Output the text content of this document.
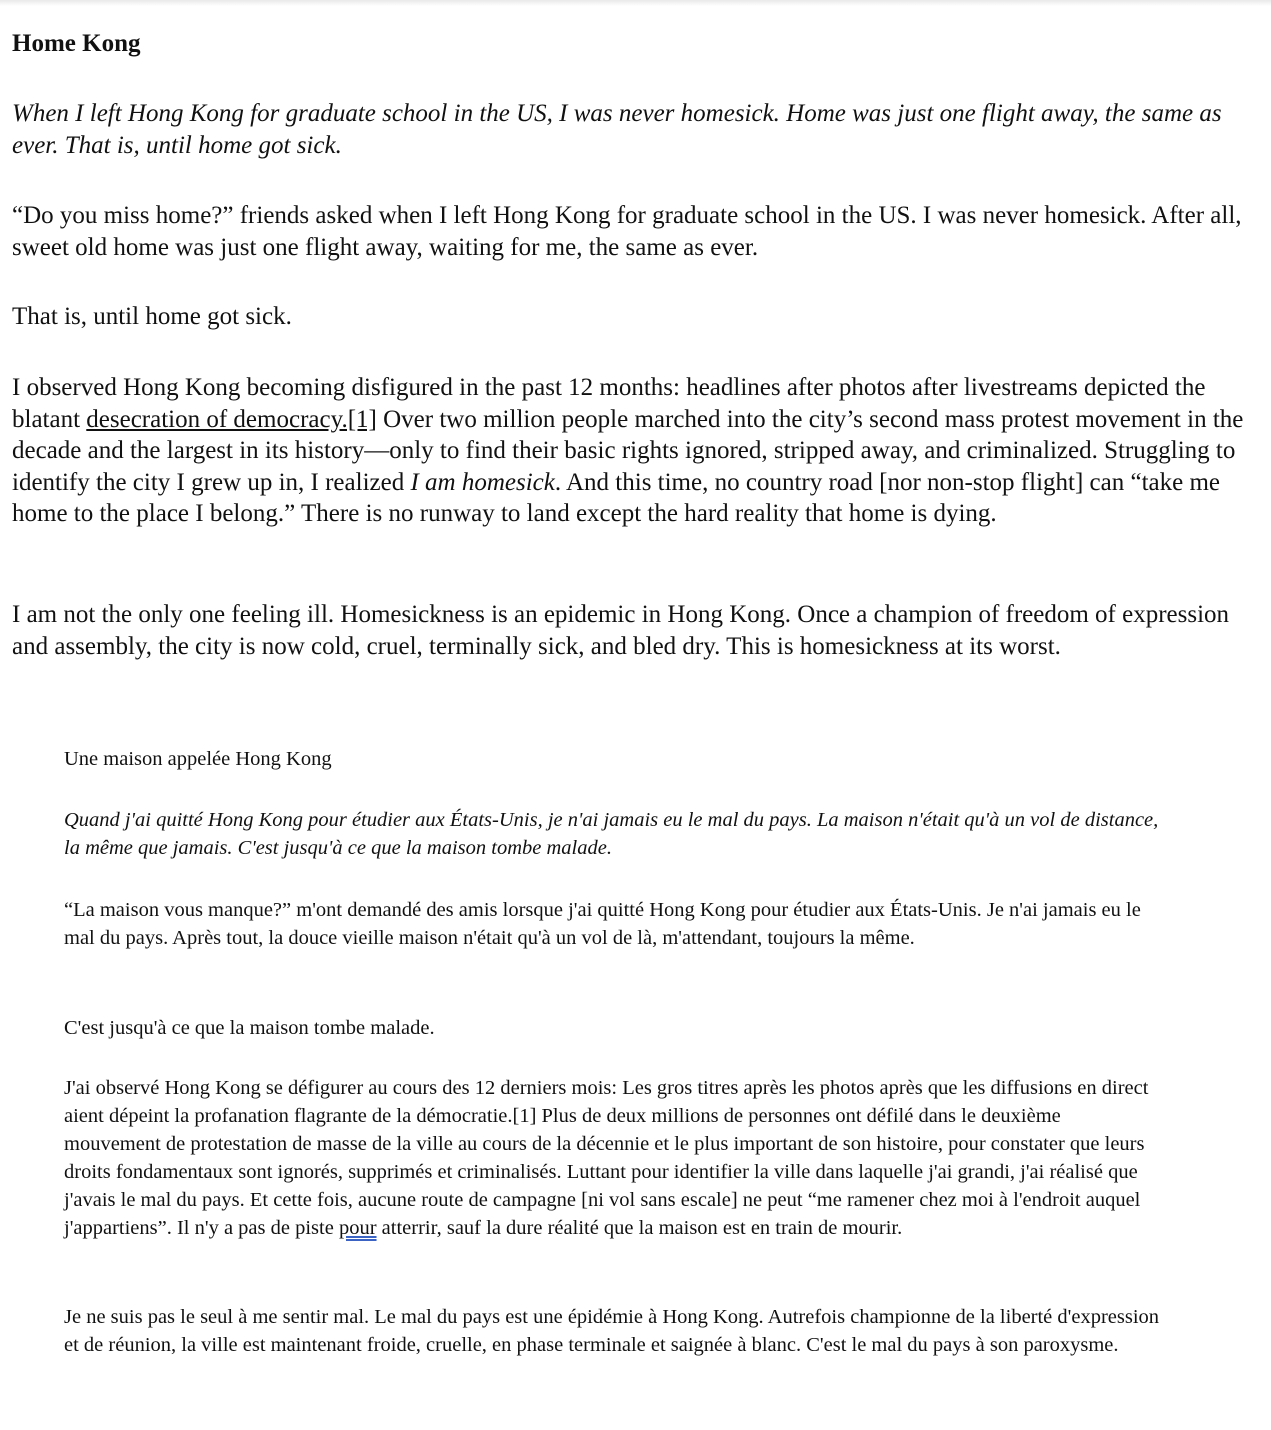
Home Kong

When I left Hong Kong for graduate school in the US, I was never homesick. Home was just one flight away, the same as ever. That is, until home got sick.

“Do you miss home?” friends asked when I left Hong Kong for graduate school in the US. I was never homesick. After all, sweet old home was just one flight away, waiting for me, the same as ever.

That is, until home got sick.

I observed Hong Kong becoming disfigured in the past 12 months: headlines after photos after livestreams depicted the blatant desecration of democracy.[1] Over two million people marched into the city’s second mass protest movement in the decade and the largest in its history—only to find their basic rights ignored, stripped away, and criminalized. Struggling to identify the city I grew up in, I realized I am homesick. And this time, no country road [nor non-stop flight] can “take me home to the place I belong.” There is no runway to land except the hard reality that home is dying.

I am not the only one feeling ill. Homesickness is an epidemic in Hong Kong. Once a champion of freedom of expression and assembly, the city is now cold, cruel, terminally sick, and bled dry. This is homesickness at its worst.

Une maison appelée Hong Kong

Quand j'ai quitté Hong Kong pour étudier aux États-Unis, je n'ai jamais eu le mal du pays. La maison n'était qu'à un vol de distance, la même que jamais. C'est jusqu'à ce que la maison tombe malade.

“La maison vous manque?” m'ont demandé des amis lorsque j'ai quitté Hong Kong pour étudier aux États-Unis. Je n'ai jamais eu le mal du pays. Après tout, la douce vieille maison n'était qu'à un vol de là, m'attendant, toujours la même.

C'est jusqu'à ce que la maison tombe malade.

J'ai observé Hong Kong se défigurer au cours des 12 derniers mois: Les gros titres après les photos après que les diffusions en direct aient dépeint la profanation flagrante de la démocratie.[1] Plus de deux millions de personnes ont défilé dans le deuxième mouvement de protestation de masse de la ville au cours de la décennie et le plus important de son histoire, pour constater que leurs droits fondamentaux sont ignorés, supprimés et criminalisés. Luttant pour identifier la ville dans laquelle j'ai grandi, j'ai réalisé que j'avais le mal du pays. Et cette fois, aucune route de campagne [ni vol sans escale] ne peut “me ramener chez moi à l'endroit auquel j'appartiens”. Il n'y a pas de piste pour atterrir, sauf la dure réalité que la maison est en train de mourir.

Je ne suis pas le seul à me sentir mal. Le mal du pays est une épidémie à Hong Kong. Autrefois championne de la liberté d'expression et de réunion, la ville est maintenant froide, cruelle, en phase terminale et saignée à blanc. C'est le mal du pays à son paroxysme.
